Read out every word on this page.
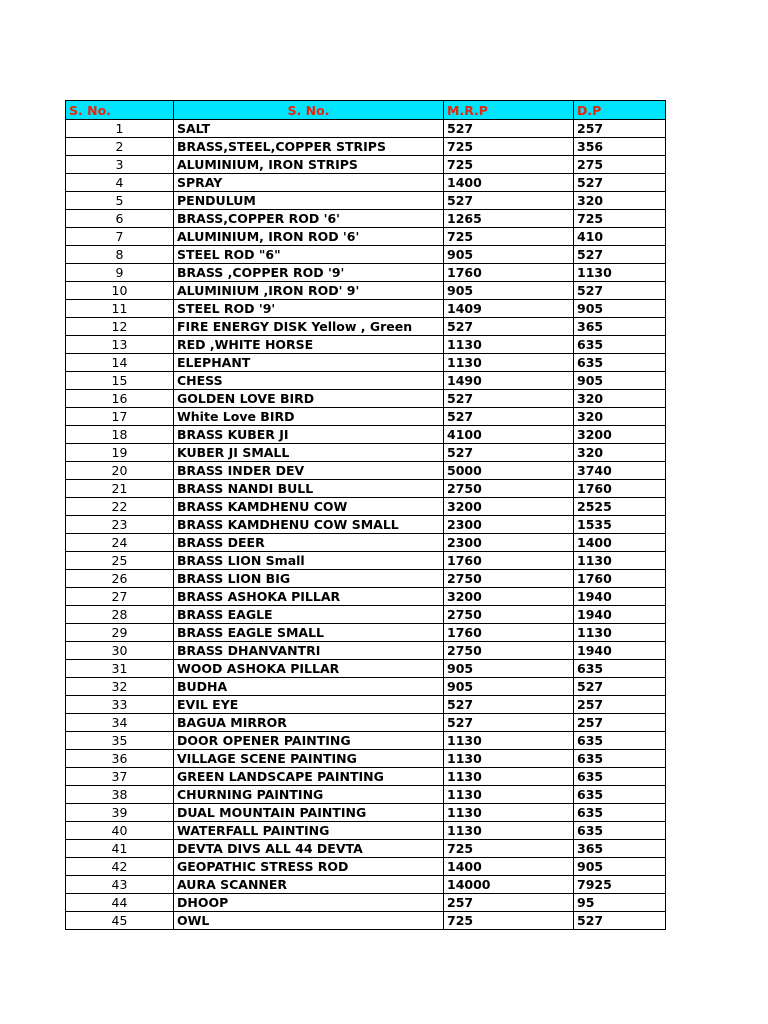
S. No.	S. No.	M.R.P	D.P
1	SALT	527	257
2	BRASS,STEEL,COPPER STRIPS	725	356
3	ALUMINIUM, IRON STRIPS	725	275
4	SPRAY	1400	527
5	PENDULUM	527	320
6	BRASS,COPPER ROD '6'	1265	725
7	ALUMINIUM, IRON ROD '6'	725	410
8	STEEL ROD "6"	905	527
9	BRASS ,COPPER ROD '9'	1760	1130
10	ALUMINIUM ,IRON ROD' 9'	905	527
11	STEEL ROD '9'	1409	905
12	FIRE ENERGY DISK Yellow , Green	527	365
13	RED ,WHITE HORSE	1130	635
14	ELEPHANT	1130	635
15	CHESS	1490	905
16	GOLDEN LOVE BIRD	527	320
17	White Love BIRD	527	320
18	BRASS KUBER JI	4100	3200
19	KUBER JI SMALL	527	320
20	BRASS INDER DEV	5000	3740
21	BRASS NANDI BULL	2750	1760
22	BRASS KAMDHENU COW	3200	2525
23	BRASS KAMDHENU COW SMALL	2300	1535
24	BRASS DEER	2300	1400
25	BRASS LION Small	1760	1130
26	BRASS LION BIG	2750	1760
27	BRASS ASHOKA PILLAR	3200	1940
28	BRASS EAGLE	2750	1940
29	BRASS EAGLE SMALL	1760	1130
30	BRASS DHANVANTRI	2750	1940
31	WOOD ASHOKA PILLAR	905	635
32	BUDHA	905	527
33	EVIL EYE	527	257
34	BAGUA MIRROR	527	257
35	DOOR OPENER PAINTING	1130	635
36	VILLAGE SCENE PAINTING	1130	635
37	GREEN LANDSCAPE PAINTING	1130	635
38	CHURNING PAINTING	1130	635
39	DUAL MOUNTAIN PAINTING	1130	635
40	WATERFALL PAINTING	1130	635
41	DEVTA DIVS ALL 44 DEVTA	725	365
42	GEOPATHIC STRESS ROD	1400	905
43	AURA SCANNER	14000	7925
44	DHOOP	257	95
45	OWL	725	527
